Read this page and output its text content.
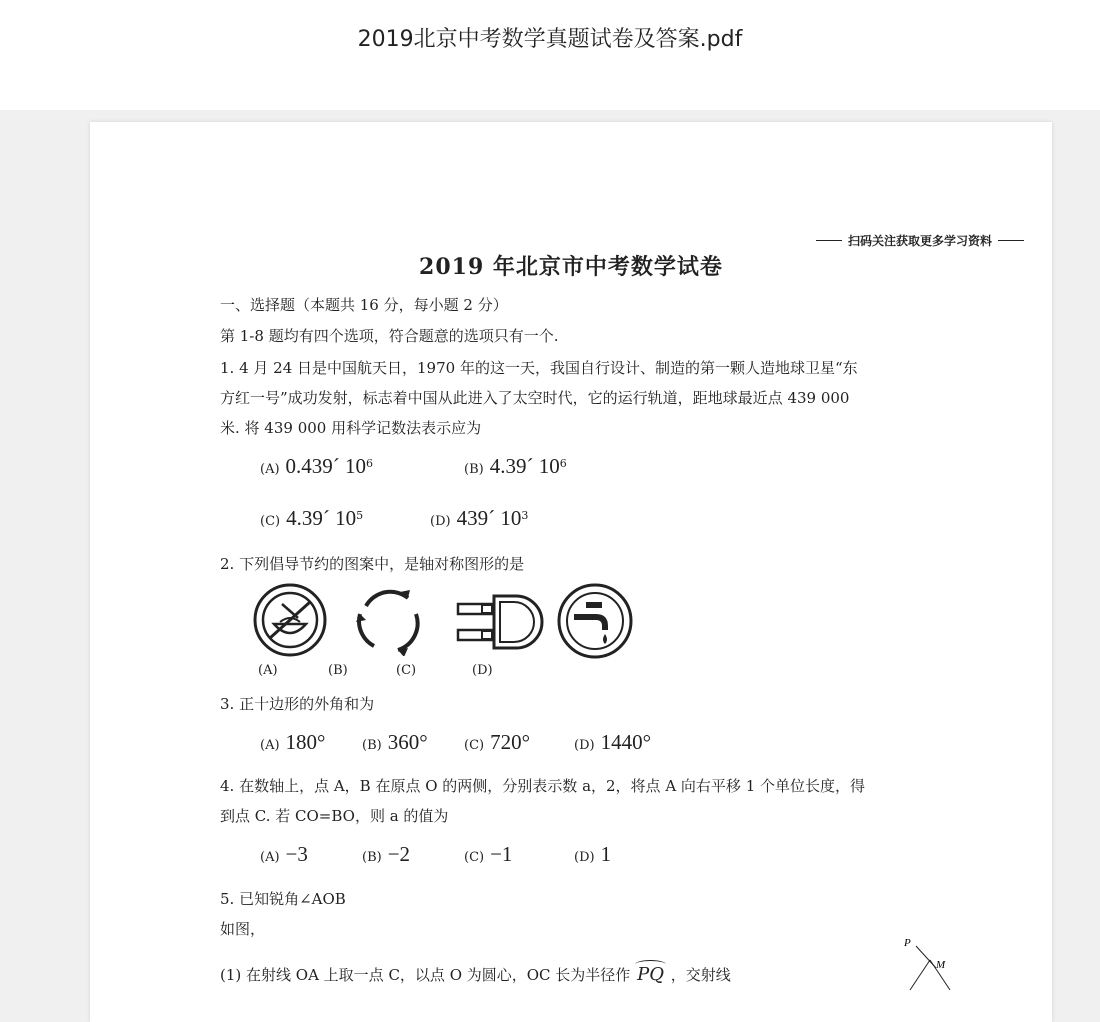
2019北京中考数学真题试卷及答案.pdf
扫码关注获取更多学习资料
2019 年北京市中考数学试卷
一、选择题（本题共 16 分，每小题 2 分）
第 1-8 题均有四个选项，符合题意的选项只有一个.
1. 4 月 24 日是中国航天日，1970 年的这一天，我国自行设计、制造的第一颗人造地球卫星“东
方红一号”成功发射，标志着中国从此进入了太空时代，它的运行轨道，距地球最近点 439 000
米. 将 439 000 用科学记数法表示应为
(A) 0.439´ $10^6$	(B) 4.39´ $10^6$
(C) 4.39´ $10^5$	(D) 439´ $10^3$
2. 下列倡导节约的图案中，是轴对称图形的是
(A)	(B)	(C)	(D)
3. 正十边形的外角和为
(A) 180°	(B) 360°	(C) 720°	(D) 1440°
4. 在数轴上，点 A，B 在原点 O 的两侧，分别表示数 a，2，将点 A 向右平移 1 个单位长度，得
到点 C. 若 CO=BO，则 a 的值为
(A) −3	(B) −2	(C) −1	(D) 1
5. 已知锐角∠AOB
如图，
(1) 在射线 OA 上取一点 C，以点 O 为圆心，OC 长为半径作 PQ ，交射线
P
M
